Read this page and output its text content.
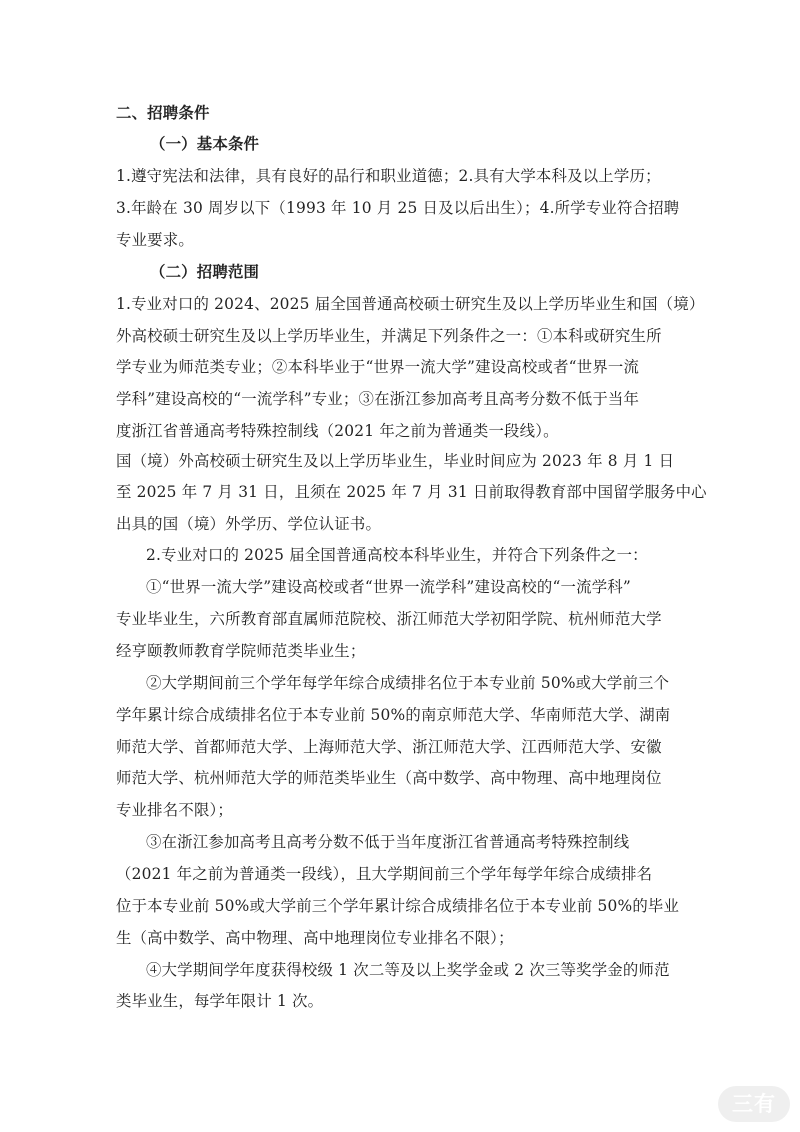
二、招聘条件
（一）基本条件
1.遵守宪法和法律，具有良好的品行和职业道德；2.具有大学本科及以上学历；
3.年龄在 30 周岁以下（1993 年 10 月 25 日及以后出生）；4.所学专业符合招聘
专业要求。
（二）招聘范围
1.专业对口的 2024、2025 届全国普通高校硕士研究生及以上学历毕业生和国（境）
外高校硕士研究生及以上学历毕业生，并满足下列条件之一：①本科或研究生所
学专业为师范类专业；②本科毕业于“世界一流大学”建设高校或者“世界一流
学科”建设高校的“一流学科”专业；③在浙江参加高考且高考分数不低于当年
度浙江省普通高考特殊控制线（2021 年之前为普通类一段线）。
国（境）外高校硕士研究生及以上学历毕业生，毕业时间应为 2023 年 8 月 1 日
至 2025 年 7 月 31 日，且须在 2025 年 7 月 31 日前取得教育部中国留学服务中心
出具的国（境）外学历、学位认证书。
2.专业对口的 2025 届全国普通高校本科毕业生，并符合下列条件之一：
①“世界一流大学”建设高校或者“世界一流学科”建设高校的“一流学科”
专业毕业生，六所教育部直属师范院校、浙江师范大学初阳学院、杭州师范大学
经亨颐教师教育学院师范类毕业生；
②大学期间前三个学年每学年综合成绩排名位于本专业前 50%或大学前三个
学年累计综合成绩排名位于本专业前 50%的南京师范大学、华南师范大学、湖南
师范大学、首都师范大学、上海师范大学、浙江师范大学、江西师范大学、安徽
师范大学、杭州师范大学的师范类毕业生（高中数学、高中物理、高中地理岗位
专业排名不限）；
③在浙江参加高考且高考分数不低于当年度浙江省普通高考特殊控制线
（2021 年之前为普通类一段线），且大学期间前三个学年每学年综合成绩排名
位于本专业前 50%或大学前三个学年累计综合成绩排名位于本专业前 50%的毕业
生（高中数学、高中物理、高中地理岗位专业排名不限）；
④大学期间学年度获得校级 1 次二等及以上奖学金或 2 次三等奖学金的师范
类毕业生，每学年限计 1 次。
三有
